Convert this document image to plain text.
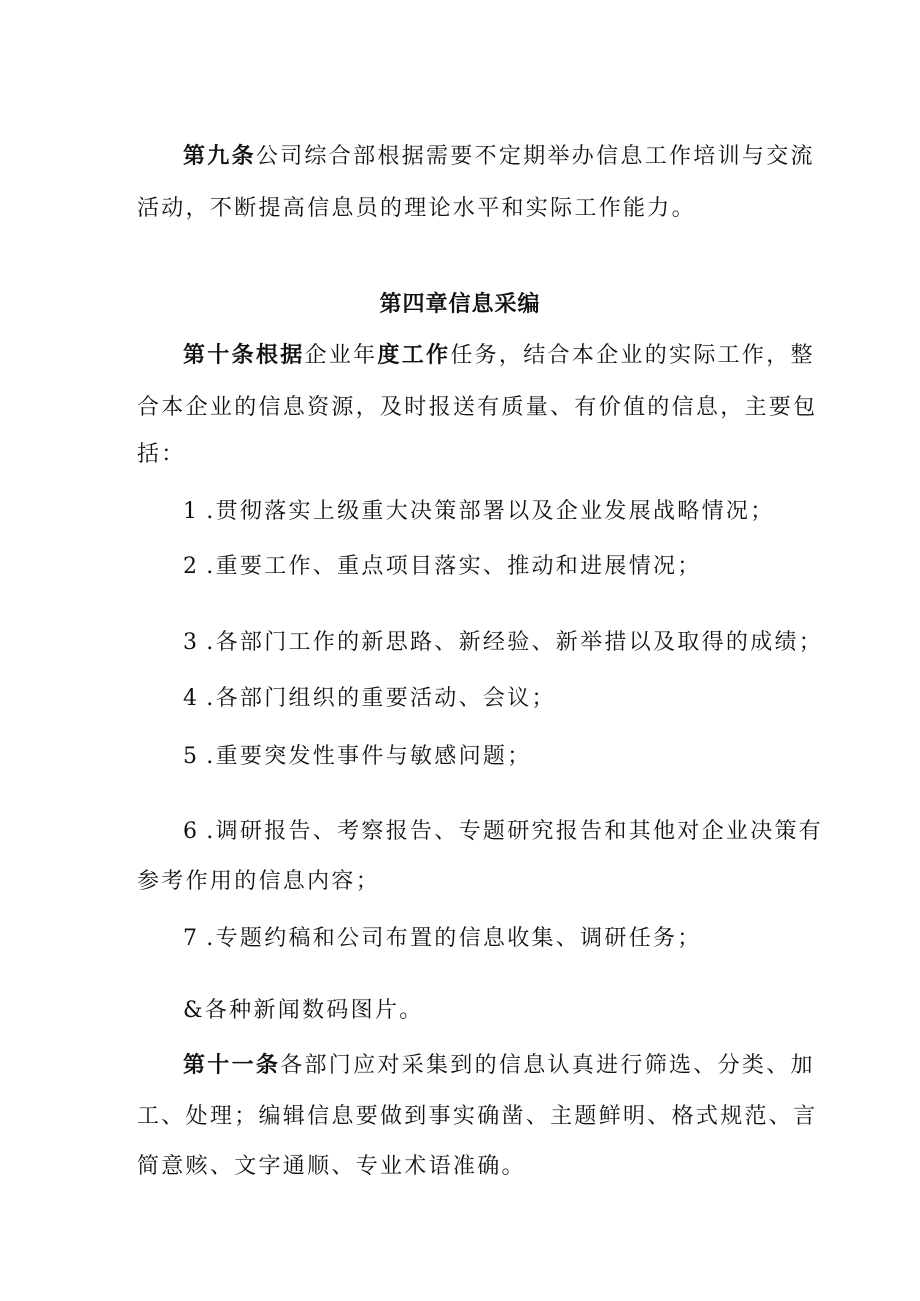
第九条公司综合部根据需要不定期举办信息工作培训与交流
活动，不断提高信息员的理论水平和实际工作能力。
第四章信息采编
第十条根据企业年度工作任务，结合本企业的实际工作，整
合本企业的信息资源，及时报送有质量、有价值的信息，主要包
括：
1 .贯彻落实上级重大决策部署以及企业发展战略情况；
2 .重要工作、重点项目落实、推动和进展情况；
3 .各部门工作的新思路、新经验、新举措以及取得的成绩；
4 .各部门组织的重要活动、会议；
5 .重要突发性事件与敏感问题；
6 .调研报告、考察报告、专题研究报告和其他对企业决策有
参考作用的信息内容；
7 .专题约稿和公司布置的信息收集、调研任务；
&各种新闻数码图片。
第十一条各部门应对采集到的信息认真进行筛选、分类、加
工、处理；编辑信息要做到事实确凿、主题鲜明、格式规范、言
简意赅、文字通顺、专业术语准确。
